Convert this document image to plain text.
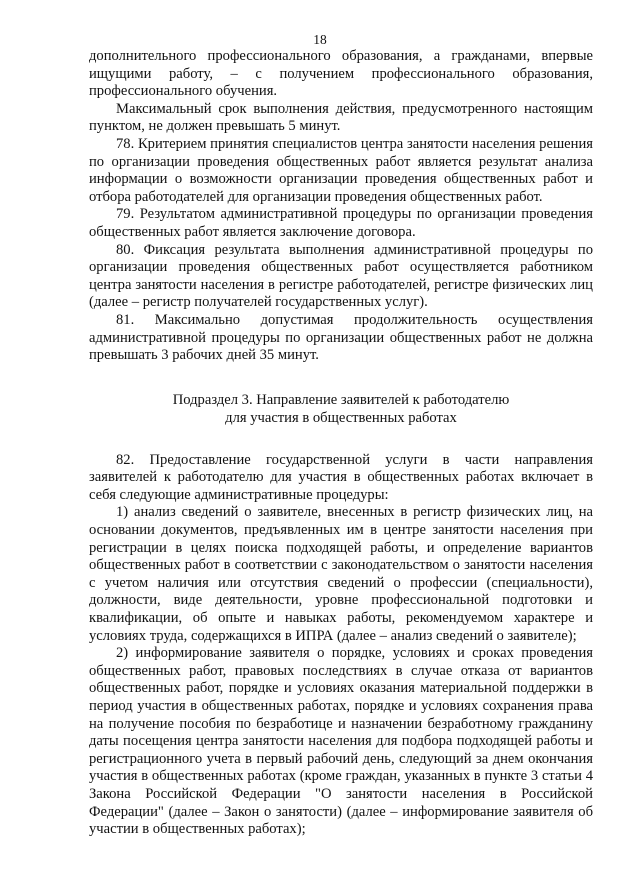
18

дополнительного профессионального образования, а гражданами, впервые ищущими работу, – с получением профессионального образования, профессионального обучения.

Максимальный срок выполнения действия, предусмотренного настоящим пунктом, не должен превышать 5 минут.

78. Критерием принятия специалистов центра занятости населения решения по организации проведения общественных работ является результат анализа информации о возможности организации проведения общественных работ и отбора работодателей для организации проведения общественных работ.

79. Результатом административной процедуры по организации проведения общественных работ является заключение договора.

80. Фиксация результата выполнения административной процедуры по организации проведения общественных работ осуществляется работником центра занятости населения в регистре работодателей, регистре физических лиц (далее – регистр получателей государственных услуг).

81. Максимально допустимая продолжительность осуществления административной процедуры по организации общественных работ не должна превышать 3 рабочих дней 35 минут.

Подраздел 3. Направление заявителей к работодателю
для участия в общественных работах

82. Предоставление государственной услуги в части направления заявителей к работодателю для участия в общественных работах включает в себя следующие административные процедуры:

1) анализ сведений о заявителе, внесенных в регистр физических лиц, на основании документов, предъявленных им в центре занятости населения при регистрации в целях поиска подходящей работы, и определение вариантов общественных работ в соответствии с законодательством о занятости населения с учетом наличия или отсутствия сведений о профессии (специальности), должности, виде деятельности, уровне профессиональной подготовки и квалификации, об опыте и навыках работы, рекомендуемом характере и условиях труда, содержащихся в ИПРА (далее – анализ сведений о заявителе);

2) информирование заявителя о порядке, условиях и сроках проведения общественных работ, правовых последствиях в случае отказа от вариантов общественных работ, порядке и условиях оказания материальной поддержки в период участия в общественных работах, порядке и условиях сохранения права на получение пособия по безработице и назначении безработному гражданину даты посещения центра занятости населения для подбора подходящей работы и регистрационного учета в первый рабочий день, следующий за днем окончания участия в общественных работах (кроме граждан, указанных в пункте 3 статьи 4 Закона Российской Федерации "О занятости населения в Российской Федерации" (далее – Закон о занятости) (далее – информирование заявителя об участии в общественных работах);
